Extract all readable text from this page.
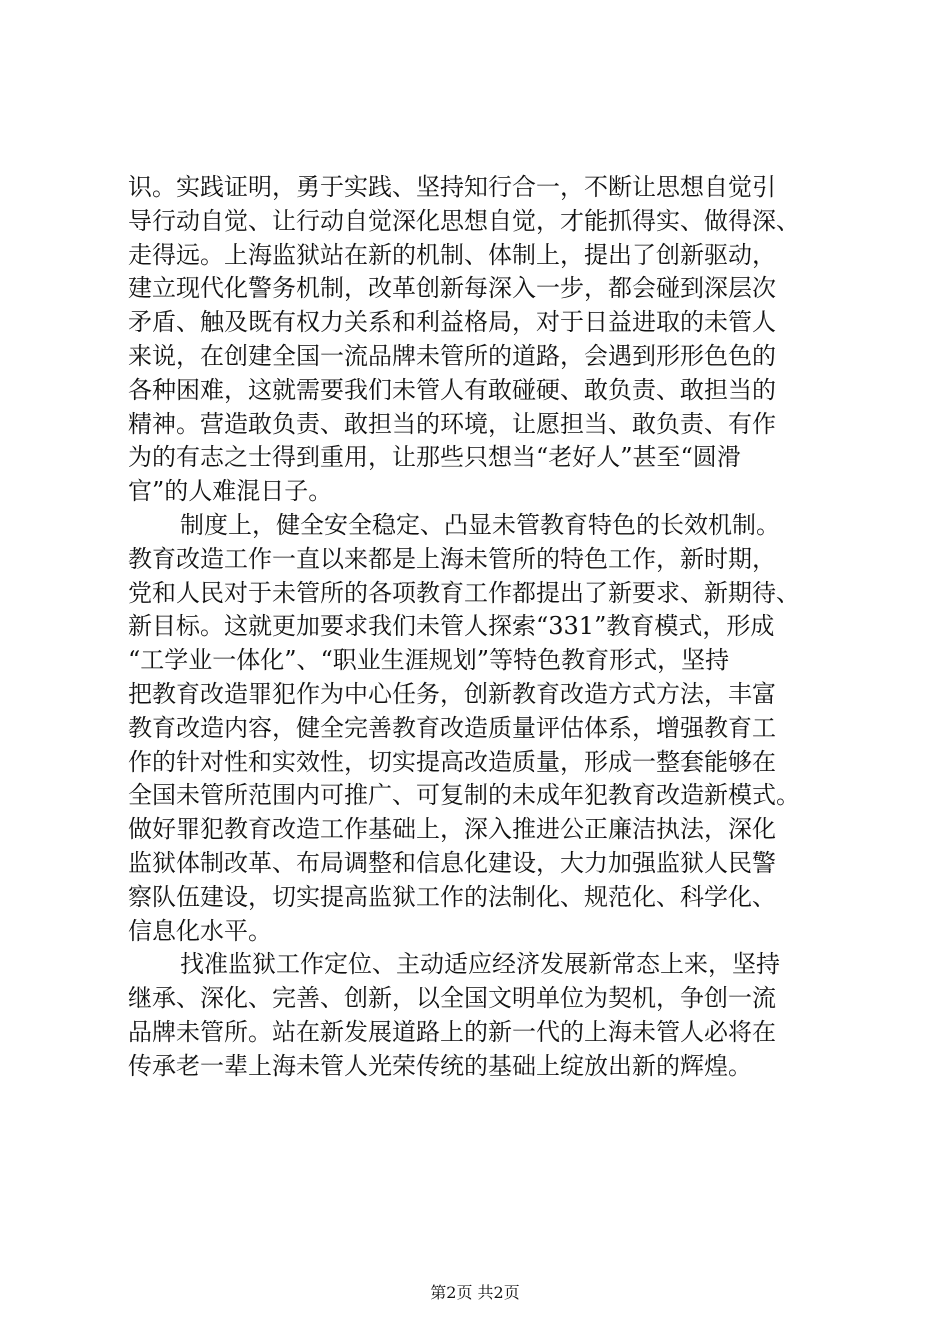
识。实践证明，勇于实践、坚持知行合一，不断让思想自觉引
导行动自觉、让行动自觉深化思想自觉，才能抓得实、做得深、
走得远。上海监狱站在新的机制、体制上，提出了创新驱动，
建立现代化警务机制，改革创新每深入一步，都会碰到深层次
矛盾、触及既有权力关系和利益格局，对于日益进取的未管人
来说，在创建全国一流品牌未管所的道路，会遇到形形色色的
各种困难，这就需要我们未管人有敢碰硬、敢负责、敢担当的
精神。营造敢负责、敢担当的环境，让愿担当、敢负责、有作
为的有志之士得到重用，让那些只想当“老好人”甚至“圆滑
官”的人难混日子。
制度上，健全安全稳定、凸显未管教育特色的长效机制。
教育改造工作一直以来都是上海未管所的特色工作，新时期，
党和人民对于未管所的各项教育工作都提出了新要求、新期待、
新目标。这就更加要求我们未管人探索“331”教育模式，形成
“工学业一体化”、“职业生涯规划”等特色教育形式，坚持
把教育改造罪犯作为中心任务，创新教育改造方式方法，丰富
教育改造内容，健全完善教育改造质量评估体系，增强教育工
作的针对性和实效性，切实提高改造质量，形成一整套能够在
全国未管所范围内可推广、可复制的未成年犯教育改造新模式。
做好罪犯教育改造工作基础上，深入推进公正廉洁执法，深化
监狱体制改革、布局调整和信息化建设，大力加强监狱人民警
察队伍建设，切实提高监狱工作的法制化、规范化、科学化、
信息化水平。
找准监狱工作定位、主动适应经济发展新常态上来，坚持
继承、深化、完善、创新，以全国文明单位为契机，争创一流
品牌未管所。站在新发展道路上的新一代的上海未管人必将在
传承老一辈上海未管人光荣传统的基础上绽放出新的辉煌。
第2页 共2页
